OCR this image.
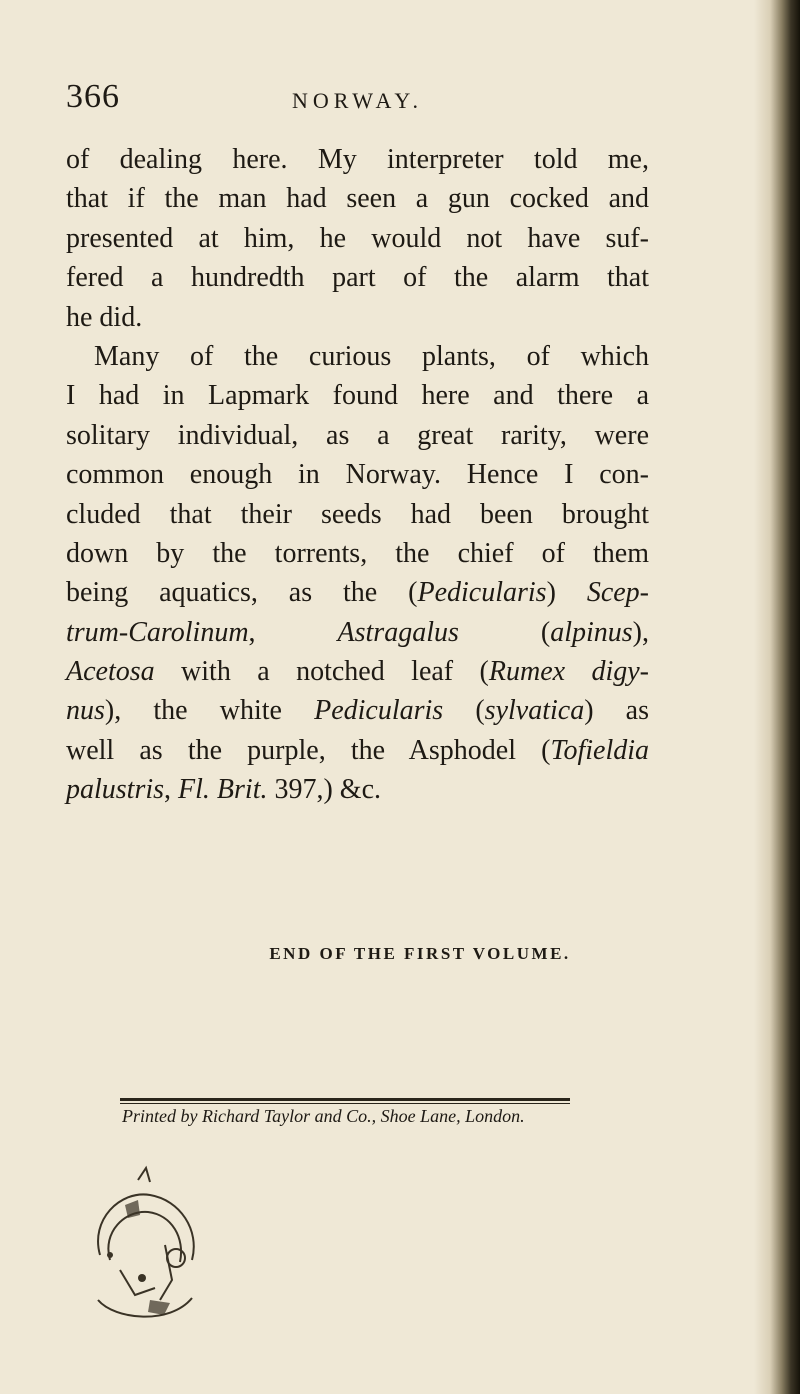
366	NORWAY.
of dealing here. My interpreter told me,
that if the man had seen a gun cocked and
presented at him, he would not have suf-
fered a hundredth part of the alarm that
he did.
Many of the curious plants, of which
I had in Lapmark found here and there a
solitary individual, as a great rarity, were
common enough in Norway. Hence I con-
cluded that their seeds had been brought
down by the torrents, the chief of them
being aquatics, as the (Pedicularis) Scep-
trum-Carolinum, Astragalus (alpinus),
Acetosa with a notched leaf (Rumex digy-
nus), the white Pedicularis (sylvatica) as
well as the purple, the Asphodel (Tofieldia
palustris, Fl. Brit. 397,) &c.
END OF THE FIRST VOLUME.
Printed by Richard Taylor and Co., Shoe Lane, London.
